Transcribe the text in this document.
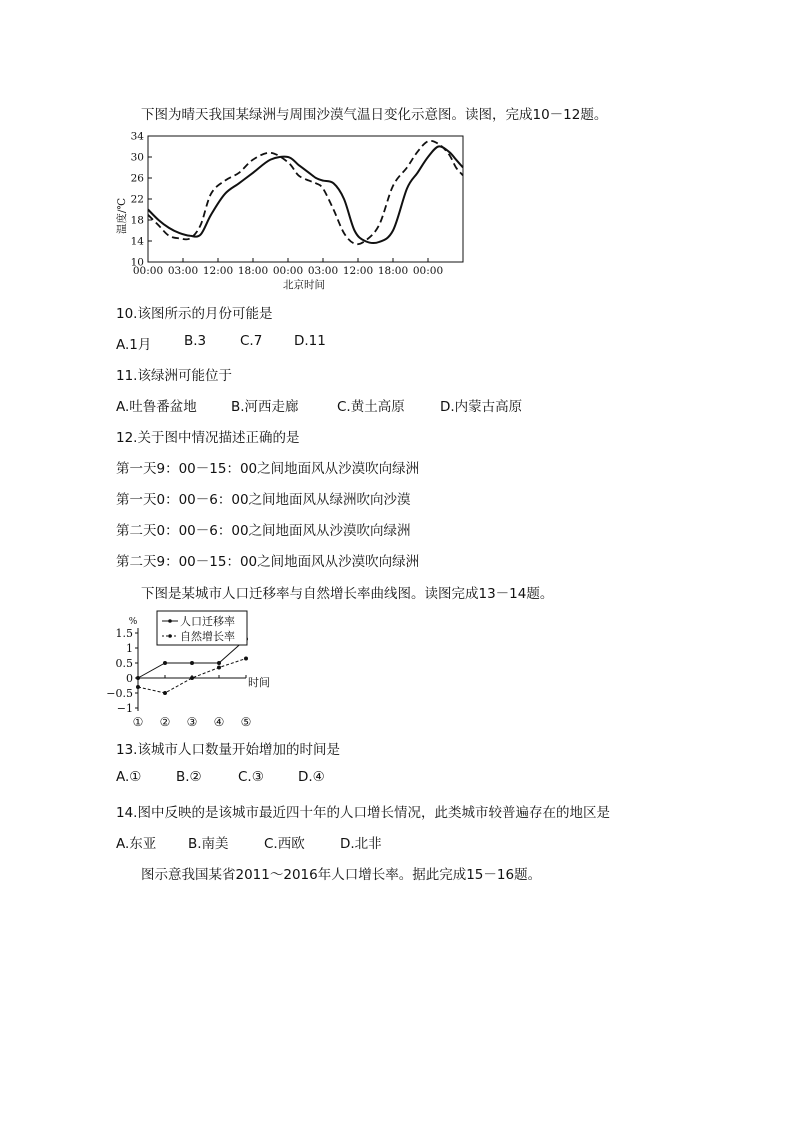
下图为晴天我国某绿洲与周围沙漠气温日变化示意图。读图，完成10－12题。
34
30
26
22
18
14
10
00:00 03:00 12:00 18:00 00:00 03:00 12:00 18:00 00:00
温度/℃
北京时间
10.该图所示的月份可能是
A.1月	B.3	C.7	D.11
11.该绿洲可能位于
A.吐鲁番盆地	B.河西走廊	C.黄土高原	D.内蒙古高原
12.关于图中情况描述正确的是
第一天9：00－15：00之间地面风从沙漠吹向绿洲
第一天0：00－6：00之间地面风从绿洲吹向沙漠
第二天0：00－6：00之间地面风从沙漠吹向绿洲
第二天9：00－15：00之间地面风从沙漠吹向绿洲
下图是某城市人口迁移率与自然增长率曲线图。读图完成13－14题。
1.5
1
0.5
0
−0.5
−1
① ② ③ ④ ⑤
%
时间
人口迁移率
自然增长率
13.该城市人口数量开始增加的时间是
A.①	B.②	C.③	D.④
14.图中反映的是该城市最近四十年的人口增长情况，此类城市较普遍存在的地区是
A.东亚	B.南美	C.西欧	D.北非
图示意我国某省2011～2016年人口增长率。据此完成15－16题。
